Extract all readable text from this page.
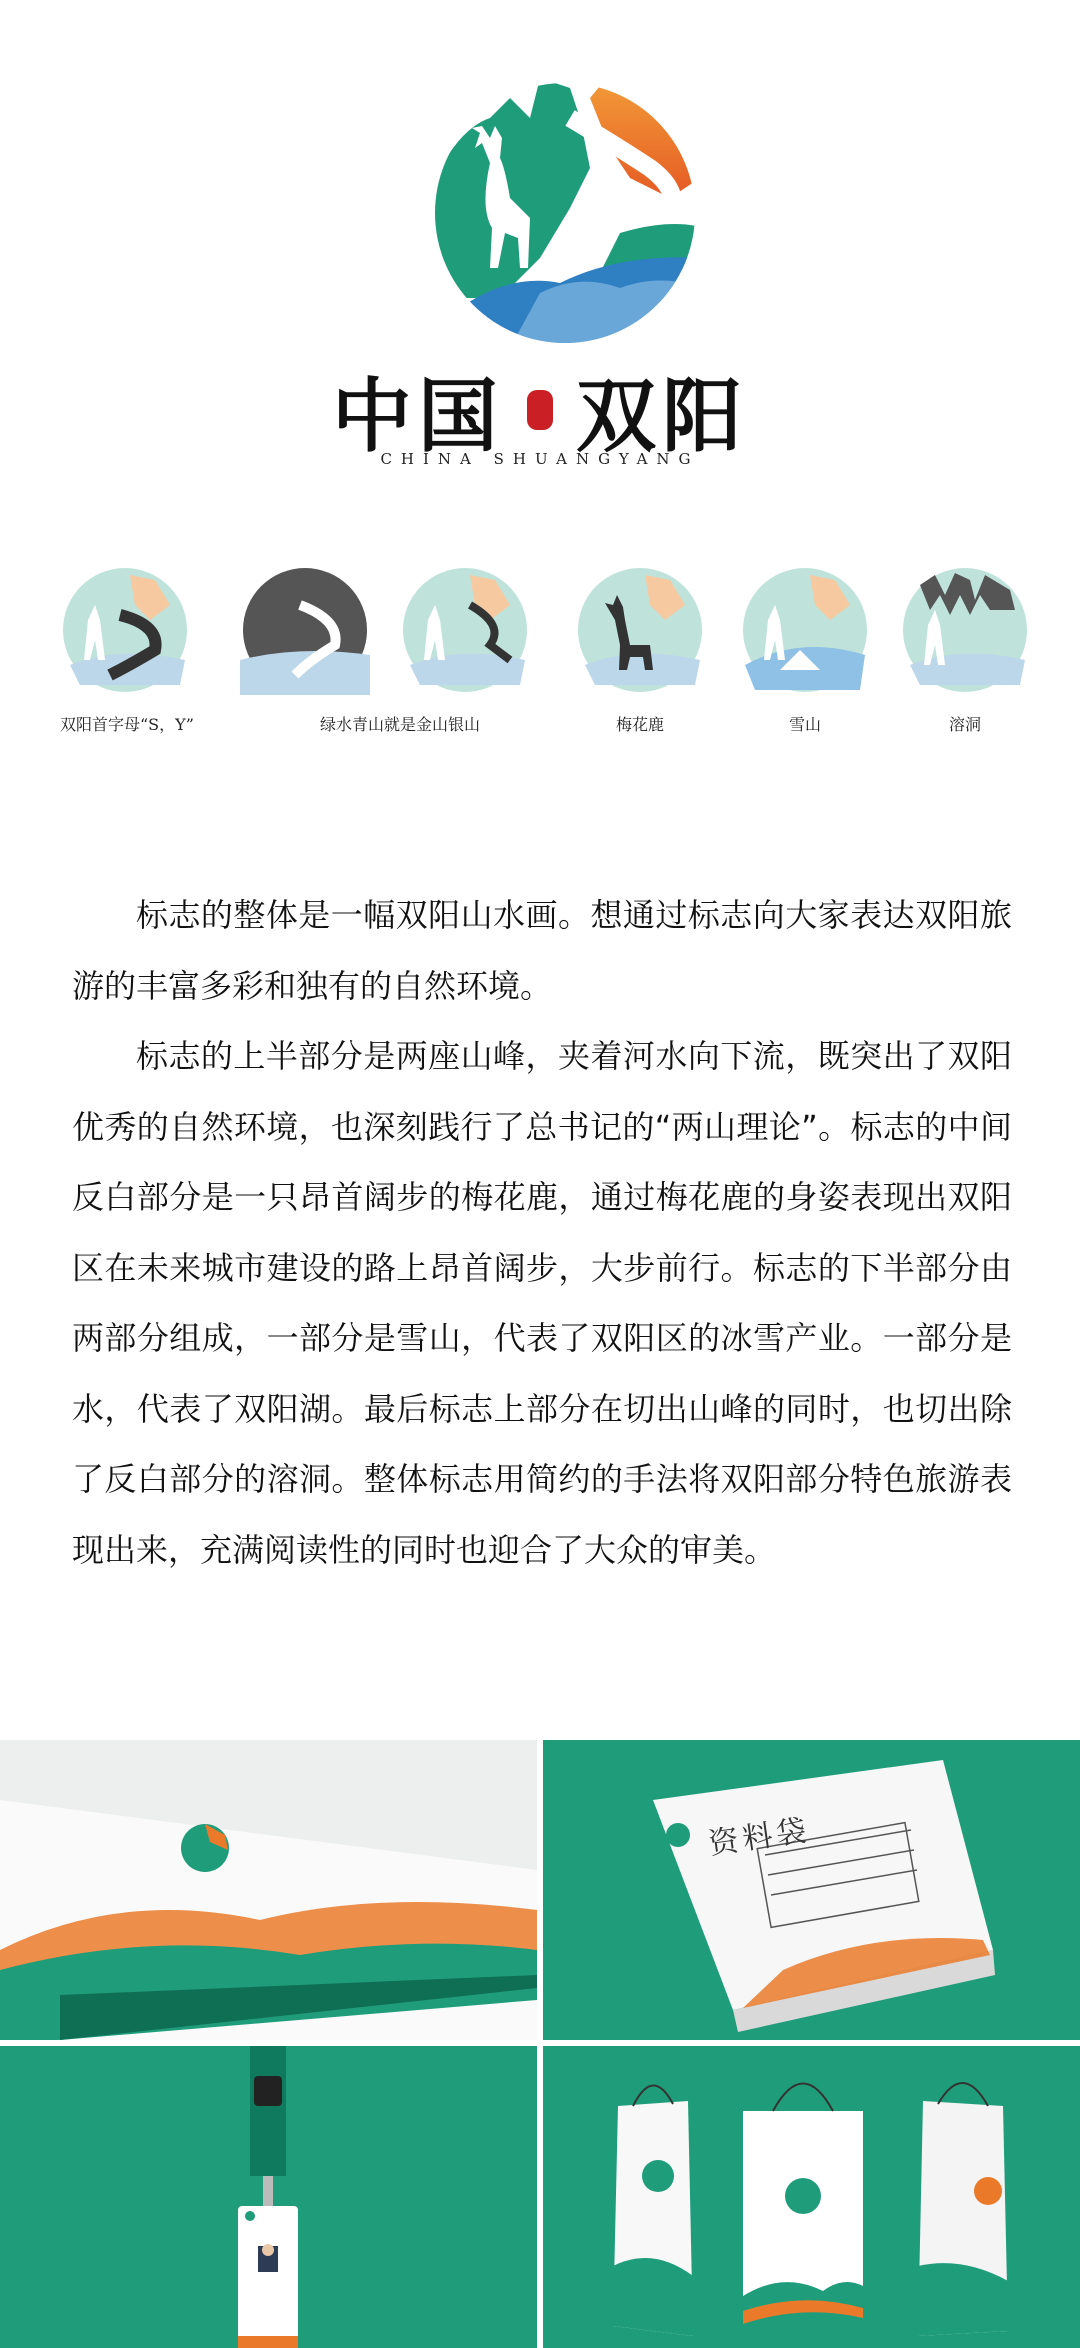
中国 双阳
CHINA SHUANGYANG
双阳首字母“S，Y”	绿水青山就是金山银山	梅花鹿	雪山	溶洞

标志的整体是一幅双阳山水画。想通过标志向大家表达双阳旅游的丰富多彩和独有的自然环境。

标志的上半部分是两座山峰，夹着河水向下流，既突出了双阳优秀的自然环境，也深刻践行了总书记的“两山理论”。标志的中间反白部分是一只昂首阔步的梅花鹿，通过梅花鹿的身姿表现出双阳区在未来城市建设的路上昂首阔步，大步前行。标志的下半部分由两部分组成，一部分是雪山，代表了双阳区的冰雪产业。一部分是水，代表了双阳湖。最后标志上部分在切出山峰的同时，也切出除了反白部分的溶洞。整体标志用简约的手法将双阳部分特色旅游表现出来，充满阅读性的同时也迎合了大众的审美。

资料袋
